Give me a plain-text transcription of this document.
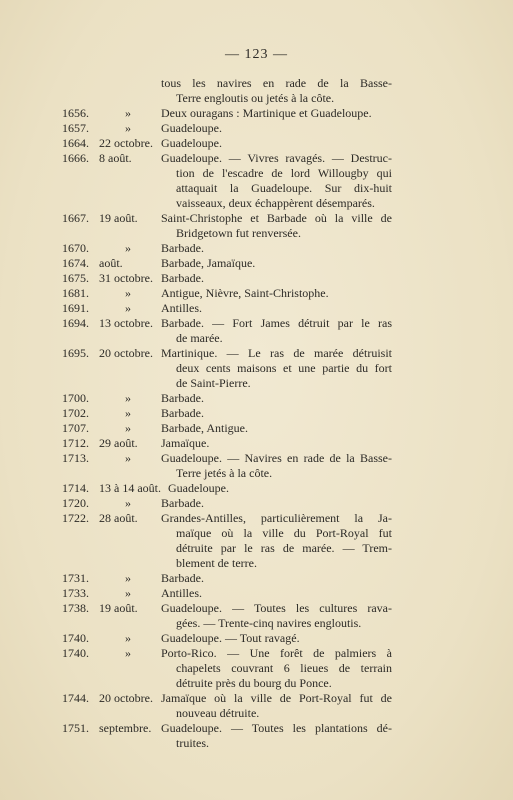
— 123 —
tous les navires en rade de la Basse-
Terre engloutis ou jetés à la côte.
1656.	»	Deux ouragans : Martinique et Guadeloupe.
1657.	»	Guadeloupe.
1664. 22 octobre. Guadeloupe.
1666. 8 août. Guadeloupe. — Vivres ravagés. — Destruc-
tion de l'escadre de lord Willougby qui
attaquait la Guadeloupe. Sur dix-huit
vaisseaux, deux échappèrent désemparés.
1667. 19 août. Saint-Christophe et Barbade où la ville de
Bridgetown fut renversée.
1670.	»	Barbade.
1674. août.	Barbade, Jamaïque.
1675. 31 octobre. Barbade.
1681.	»	Antigue, Nièvre, Saint-Christophe.
1691.	»	Antilles.
1694. 13 octobre. Barbade. — Fort James détruit par le ras
de marée.
1695. 20 octobre. Martinique. — Le ras de marée détruisit
deux cents maisons et une partie du fort
de Saint-Pierre.
1700.	»	Barbade.
1702.	»	Barbade.
1707.	»	Barbade, Antigue.
1712. 29 août. Jamaïque.
1713.	»	Guadeloupe. — Navires en rade de la Basse-
Terre jetés à la côte.
1714. 13 à 14 août. Guadeloupe.
1720.	»	Barbade.
1722. 28 août. Grandes-Antilles, particulièrement la Ja-
maïque où la ville du Port-Royal fut
détruite par le ras de marée. — Trem-
blement de terre.
1731.	»	Barbade.
1733.	»	Antilles.
1738. 19 août. Guadeloupe. — Toutes les cultures rava-
gées. — Trente-cinq navires engloutis.
1740.	»	Guadeloupe. — Tout ravagé.
1740.	»	Porto-Rico. — Une forêt de palmiers à
chapelets couvrant 6 lieues de terrain
détruite près du bourg du Ponce.
1744. 20 octobre. Jamaïque où la ville de Port-Royal fut de
nouveau détruite.
1751. septembre. Guadeloupe. — Toutes les plantations dé-
truites.
